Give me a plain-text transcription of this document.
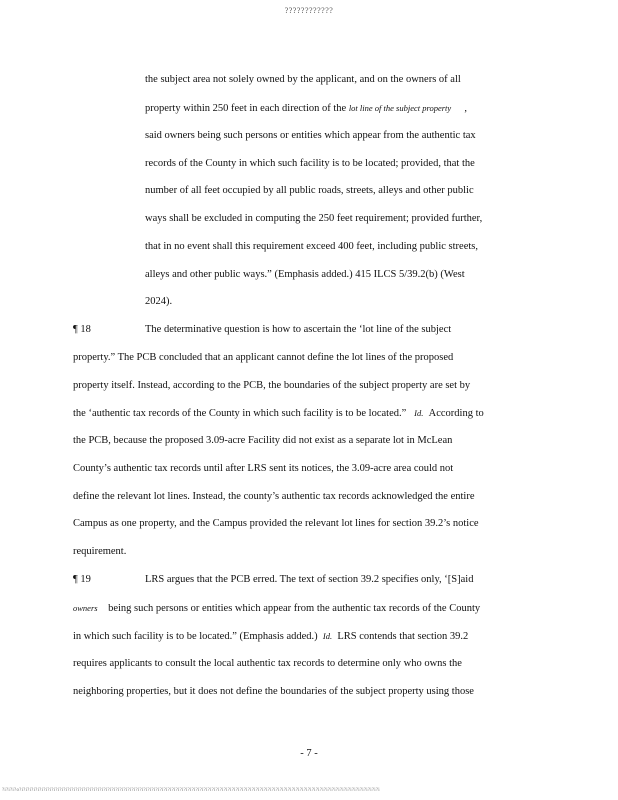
????????????
the subject area not solely owned by the applicant, and on the owners of all
property within 250 feet in each direction of the lot line of the subject property ,
said owners being such persons or entities which appear from the authentic tax
records of the County in which such facility is to be located; provided, that the
number of all feet occupied by all public roads, streets, alleys and other public
ways shall be excluded in computing the 250 feet requirement; provided further,
that in no event shall this requirement exceed 400 feet, including public streets,
alleys and other public ways.” (Emphasis added.) 415 ILCS 5/39.2(b) (West
2024).
¶ 18	The determinative question is how to ascertain the ‘lot line of the subject
property.” The PCB concluded that an applicant cannot define the lot lines of the proposed
property itself. Instead, according to the PCB, the boundaries of the subject property are set by
the ‘authentic tax records of the County in which such facility is to be located.” Id. According to
the PCB, because the proposed 3.09-acre Facility did not exist as a separate lot in McLean
County’s authentic tax records until after LRS sent its notices, the 3.09-acre area could not
define the relevant lot lines. Instead, the county’s authentic tax records acknowledged the entire
Campus as one property, and the Campus provided the relevant lot lines for section 39.2’s notice
requirement.
¶ 19	LRS argues that the PCB erred. The text of section 39.2 specifies only, ‘[S]aid
owners being such persons or entities which appear from the authentic tax records of the County
in which such facility is to be located.” (Emphasis added.) Id. LRS contends that section 39.2
requires applicants to consult the local authentic tax records to determine only who owns the
neighboring properties, but it does not define the boundaries of the subject property using those
- 7 -
?i?i?i?o?i?i?i?i?i?i?i?i?i?i?i?i?i?i?i?i?i?i?i?i?i?i?i?i?i?i?i?i?i?i?i?i?i?i?i?i?i?i?i?i?i?i?i?i?i?i?i?i?i?i?i?i?i?i?i?i?i?i?i?i?i?i?i?i?i?i?i?i?i?i?i?i?i?i?i?i?i?i?i?i?i?i?i?i?i?i?i?i?i?i
